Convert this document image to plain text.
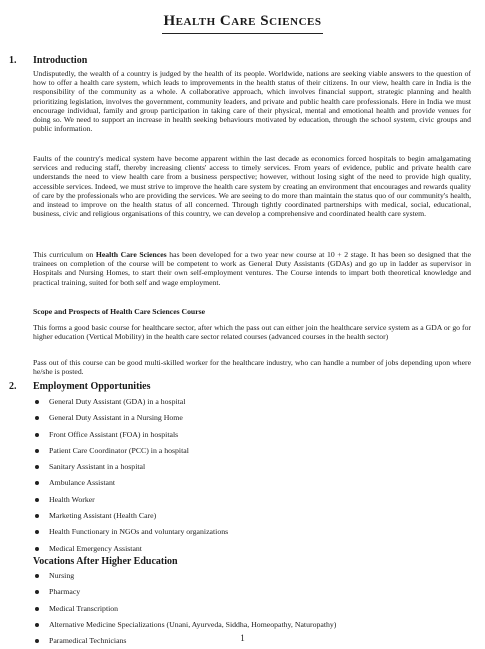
Health Care Sciences
1. Introduction
Undisputedly, the wealth of a country is judged by the health of its people. Worldwide, nations are seeking viable answers to the question of how to offer a health care system, which leads to improvements in the health status of their citizens. In our view, health care in India is the responsibility of the community as a whole. A collaborative approach, which involves financial support, strategic planning and health prioritizing legislation, involves the government, community leaders, and private and public health care professionals. Here in India we must encourage individual, family and group participation in taking care of their physical, mental and emotional health and provide venues for doing so. We need to support an increase in health seeking behaviours motivated by education, through the school system, civic groups and public information.
Faults of the country's medical system have become apparent within the last decade as economics forced hospitals to begin amalgamating services and reducing staff, thereby increasing clients' access to timely services. From years of evidence, public and private health care understands the need to view health care from a business perspective; however, without losing sight of the need to provide high quality, accessible services. Indeed, we must strive to improve the health care system by creating an environment that encourages and rewards quality of care by the professionals who are providing the services. We are seeing to do more than maintain the status quo of our community's health, and instead to improve on the health status of all concerned. Through tightly coordinated partnerships with medical, social, educational, business, civic and religious organisations of this country, we can develop a comprehensive and coordinated health care system.
This curriculum on Health Care Sciences has been developed for a two year new course at 10 + 2 stage. It has been so designed that the trainees on completion of the course will be competent to work as General Duty Assistants (GDAs) and go up in ladder as supervisor in Hospitals and Nursing Homes, to start their own self-employment ventures. The Course intends to impart both theoretical knowledge and practical training, suited for both self and wage employment.
Scope and Prospects of Health Care Sciences Course
This forms a good basic course for healthcare sector, after which the pass out can either join the healthcare service system as a GDA or go for higher education (Vertical Mobility) in the health care sector related courses (advanced courses in the health sector)
Pass out of this course can be good multi-skilled worker for the healthcare industry, who can handle a number of jobs depending upon where he/she is posted.
2. Employment Opportunities
General Duty Assistant (GDA) in a hospital
General Duty Assistant in a Nursing Home
Front Office Assistant (FOA) in hospitals
Patient Care Coordinator (PCC) in a hospital
Sanitary Assistant in a hospital
Ambulance Assistant
Health Worker
Marketing Assistant (Health Care)
Health Functionary in NGOs and voluntary organizations
Medical Emergency Assistant
Vocations After Higher Education
Nursing
Pharmacy
Medical Transcription
Alternative Medicine Specializations (Unani, Ayurveda, Siddha, Homeopathy, Naturopathy)
Paramedical Technicians	1
